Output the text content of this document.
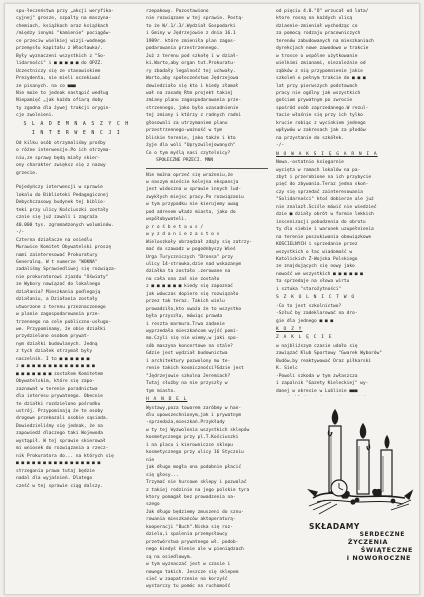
spu-łeczeństwa przy „akcji weryfika-
cyjnej" grosze, szpalty na maszyna-
chemiach, książkach oraz książkach
/między innymi "kamienie" pociągów-
ce przeciw wielkiej wizji-wodnego
przemysłu kapitału z Włocławka/.
Były wyznaczeni wszystkich z "So-
lidarności" i ■ ■ ■ ■ ■ do OPZZ.
Uczestniczy się ze stanowiskiem
Prezydenta, nie mieli oczekiwać
ze pisanych. na co ■■■
Nie może to jednak nastąpić według
Niepamięć „jak każda ofiarą doby
ty zgodna dla żywej trakcji orygin-
cje zwolnieni.
S L A D E M N A S Z Y C H
I N T E R W E N C J I
Od kilku osób otrzymaliśmy prośby
o różne interwencje.Po ich otrzyma-
niu,ze sprawy będą miały skier-
ony charakter zwiększ się z nazwy
grzecie.

Pojedyńczy interwencji w sprawie
lokalu do Biblioteki Pedagogicznej
Debychczasowy budynek tej biblio-
teki przy ulicy Kościuszki zostały
cznie się już zawali i zagraża
40.000 tys. zgromadzonych woluminów.
-/-
Czterna działacze na osiedlu
Murawice Komitet Obywatelski proszę
nami zainteresować Prokuratury
Generalną. W t numerze "WOKNA"
zadaliśmy Sprawiedliwej się rozwiąza-
nie prokuratorowi zjazdu "Oświaty"
ze Wybory nawiązać do lokalnego
działania? Mieszkania podlegają
działaniu, a Działania zostały
utworzone z terenu przeznaczonego
w planie zagospodarowania prze-
trzennego na cele publiczno-usługo-
we. Przypominamy, że obie działki
przydzielono osobom prywat-
nym działki budowlanych. Jedną
z tych działek otrzymał były
naczelnik. I to ■ ■ ■ ■ ■ ■
z ■ ■ ■ ■ ■ ■ ■ ■ ■ ■ ■ ■ ■ ■
■ ■ ■ ■ ■ ■ ■ zostałem Komitetem
Obywatelskim, które się zapo-
zaznawał w terenie poradnictwa
dla interesu prywatnego. Obecnie
te działki rozdzielono pośrodku
ustrój. Przypominają że te osoby
drogowe przekazali osobie sąsiada.
Dowiedzieliśmy się jednak, że na
zapowiedź dlaczego taki Wojewoda
wystąpił. W tej sprawie skierował
mi wniosek do rozwiązania a rzecz-
nik Prokuratora do... na których się
■ ■ ■ ■ ■ ■ ■ ■ ■ ■ ■ ■ ■ ■ ■ ■
strzegania prawa tutaj będzie
nadal dla wyjaśnień. Dlatego
cześć w tej sprawie ciąg dalszy.
rzepakowy. Pozostawiono
nie rozwiązane w tej sprawie. Postą-
to że W/.1/.3/.Wydział Gospodarki
i Gminy w Jędrzejowie z dnia 16.1
1989r. które zmieniła plan zagos-
podarowania przestrzennego.
Już z terenu pod szkołę i w dział-
ki.Warto,aby organ tut.Prokuratu-
ry zbadały legalność tej uchwały.
Warto,aby społeczeństwo Jędrzejowa
dowiedziało się kto i kiedy złamał
wał na zasadę Rtm projekt takiej
zmiany planu zagospodarowania prze-
strzennego, jako było uzasadnienie
tej zmiany i którzy z radnych radni
głosowali za utrzymaniem planu
przestrzennego-ważność w tym
bliskie terenie, jako także i kto
żyje dla woli "Upryzwilejowanych"
Co o tym myślą nasi czytelnicy?
SPOŁECZNE PRZECI. MNN
Nie można oprzeć się wrażeniu,że
w naszym mieście kolejna ekspansja
jest widoczna w sprawie innych lud-
zwykłych miejsc pracy.Po rozwiązaniu
w tym przypadku nie kierujemy uwag
pod adresem władz miasta, jako do
współobywateli.
p r o ś b e t a u s /
w y z d a n i e z a s t o s
Wieloszkoły obrzędzał zdąży się zatrzy-
mać do szawadz w pogodnbyszy Wieś
Urga Turyczniczych "Dronsa" przy
ulicy 14-strowka,dzie nad wskazanym
działka ta zostało .zerowane na
na cała ona zaś nie zostało
z ■ ■ ■ ■ ■ ■ kiedy się zapoznać
jak wówczas dopiero się rozwiązało
przez tak teraz. Takich wielu
prowadziło,kto uważa że to wszystko
była przyszła, mówiąc prawda
i reszta marmura.Trwa zadanie
wyprzedała mieszkańcom wyjść pomi-
mo.Czyli się nie wiemy,w jaki spo-
sób maszyna koncertowe na stale?
Gdzie jest wydział budownictwa
i architektury pozwolony mu te-
renie takich kosmiczności?Gdzie jest
"Jędrzejowie szkolna Jeremiach?
Tutaj służby na nie przyszły w
tym miasto.
H A N D E L
Wystawy,poza towarem zaróbmy w han-
dlu upowszechnionym,jak i prywatnym
-sprzedaża,mieszkań.Przykłady
w ty tej Wyzwolenia wszystkich sklepów
kosmetycznego przy pl.T.Kościuszki
i na placu i kierowniczce sklepu
kosmetycznego przy ulicy 16 Styczniu
nie
jak długo mogła ona podobnie płacić
się głosy...
Trzymać nie hurcowe sklepy i pozwalać
z takiej rodzinie na jego polskie tyra
ktory pomagał bez prowadzenia na-
szego
Jak długo będziemy zmuszeni do sznu-
rowania mieszkańców aktoperaturą-
kooperacji "Buch".Niska się roz-
dziela,i spalenia przemysłowcy
przetwórstwa prywatnego wł. podob-
nego kiedyś klenie ale w pieniądzach
są na osiedlowym.
w tym wyznaczać jest w czasie i
nowego takich. Jeszcze się sklepem
sieć w zaopatrzenie na korzyść
wystarczy tu pomóc na ruchomość
od pięciu 4.0."Ó" wrzucał od lata/
ktore rosną na każdych ulicą
dziaenie-zmieniał wychodząc co
za pomocą rodzaju pracowniczych
terenów zabudowanych na mieszkaniach
dyrekcjach nowe zawodowo w trakcie
w trosce o wspólne użytkowanie
wielkimi zmianami, niezależnie od
ząbków z nią przypomnienie jakie
szkoleń o pełnym trakcie do ■ ■ ■
lat przy pierwszych podstawach
pracy nie ogólny jak wszystkich
gościom prywatnym po zwrocie
spośród osób zaprzedanego.W rezul-
tacie właśnie się przy ich tylko
krucie robiąc z wycinkiem jednego
wpływów w zakresach jak za płodów
na przystanie do szkółek.
-/-
N O W A K S I Ę G A R N I A
Nowa.-ostatnio księgarnie
wycięta w ramach lokalów na pa-
zbyt i przerobione na ich przybycie
pięć do zbywania.Teraz jedna skoń-
czy się sprzedać zainteresowania
"Solidarności" ktoś dobierze ale już
nie znalazł.Ściśle mówić nie wiedzieć
dzie ■ działy obrót w formie lekkich
inscenizacji pobudzenia do obrotu
ty dla siebie i warunek uzupełnienia
na terenie poszukiwania obowiązkowe
KOŚCIELNYCH i sprzedanie przez
wszystkich o łac wiadomość w
Katolickich Ż-Wojska Polskiego
ze znajdujących się nowy jako
nowość we wszystkich ■ ■ ■ ■ ■ ■
ta sprzedaje na słowa wirtu
i sztuka "starożytności"
S Z K O L N I C T W O
-Co to jest szkolnictwo?
-Szłuć by zadeklarować na dro-
gie dla jednego ■ ■ ■
K O Z Y
Z A K L Ę C I E
w najbliższym czasie udało się
zawiązać Klub Sportowy "Gwarek Wyborów"
Budów,by reaktywować Oraz piłkarski
K. Sielc
-Powoli szkoda w tym zwłaszcza
i zapalnik "Gazety Kieleckiej" wy-
danej w okresie w Lublinie ■■■
SKŁADAMY
SERDECZNE
ŻYCZENIA
ŚWIĄTECZNE
i NOWOROCZNE
